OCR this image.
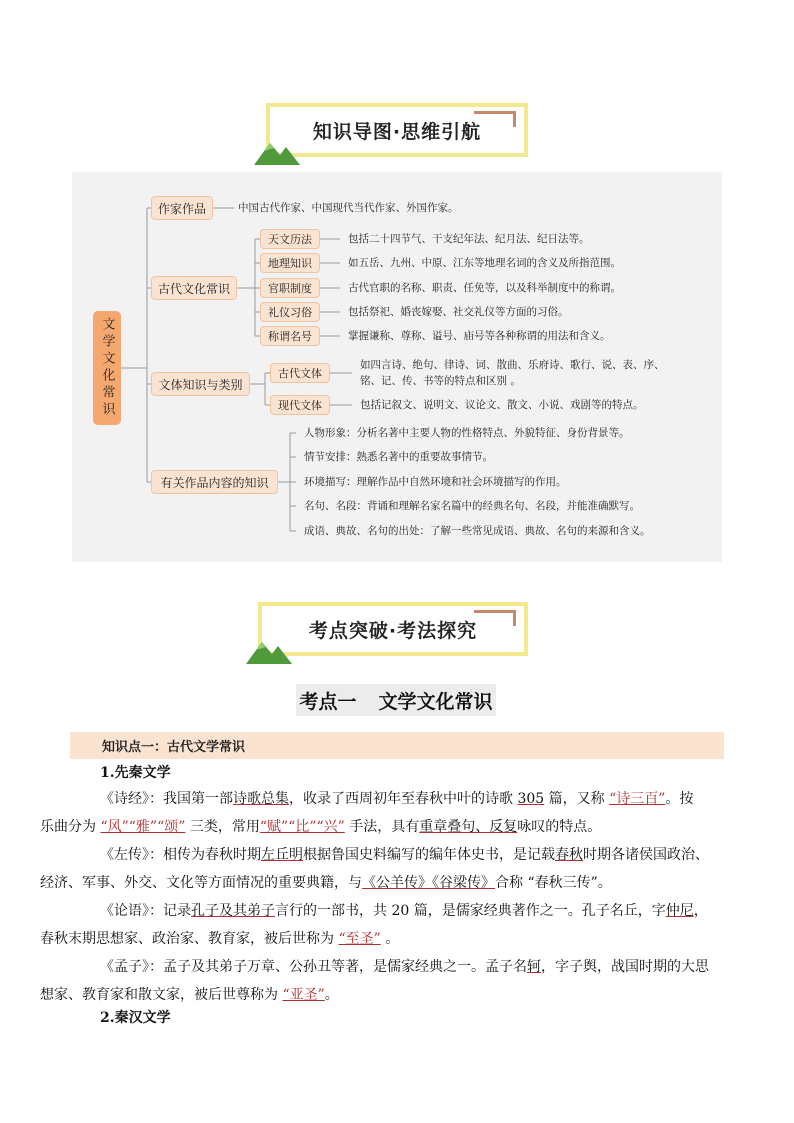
知识导图·思维引航
文学文化常识
作家作品	中国古代作家、中国现代当代作家、外国作家。
古代文化常识
天文历法
地理知识
官职制度
礼仪习俗
称谓名号
包括二十四节气、干支纪年法、纪月法、纪日法等。
如五岳、九州、中原、江东等地理名词的含义及所指范围。
古代官职的名称、职责、任免等，以及科举制度中的称谓。
包括祭祀、婚丧嫁娶、社交礼仪等方面的习俗。
掌握谦称、尊称、谥号、庙号等各种称谓的用法和含义。
文体知识与类别
古代文体
现代文体
如四言诗、绝句、律诗、词、散曲、乐府诗、歌行、说、表、序、
铭、记、传、书等的特点和区别 。
包括记叙文、说明文、议论文、散文、小说、戏剧等的特点。
有关作品内容的知识
人物形象：分析名著中主要人物的性格特点、外貌特征、身份背景等。
情节安排：熟悉名著中的重要故事情节。
环境描写：理解作品中自然环境和社会环境描写的作用。
名句、名段：背诵和理解名家名篇中的经典名句、名段，并能准确默写。
成语、典故、名句的出处：了解一些常见成语、典故、名句的来源和含义。
考点突破·考法探究
考点一 文学文化常识
知识点一：古代文学常识
1.先秦文学
《诗经》：我国第一部诗歌总集，收录了西周初年至春秋中叶的诗歌 305 篇，又称 “诗三百”。按
乐曲分为 “风”“雅”“颂” 三类，常用“赋”“比”“兴” 手法，具有重章叠句、反复咏叹的特点。
《左传》：相传为春秋时期左丘明根据鲁国史料编写的编年体史书，是记载春秋时期各诸侯国政治、
经济、军事、外交、文化等方面情况的重要典籍，与《公羊传》《谷梁传》合称 “春秋三传”。
《论语》：记录孔子及其弟子言行的一部书，共 20 篇，是儒家经典著作之一。孔子名丘，字仲尼，
春秋末期思想家、政治家、教育家，被后世称为 “至圣” 。
《孟子》：孟子及其弟子万章、公孙丑等著，是儒家经典之一。孟子名轲，字子舆，战国时期的大思
想家、教育家和散文家，被后世尊称为 “亚圣”。
2.秦汉文学
